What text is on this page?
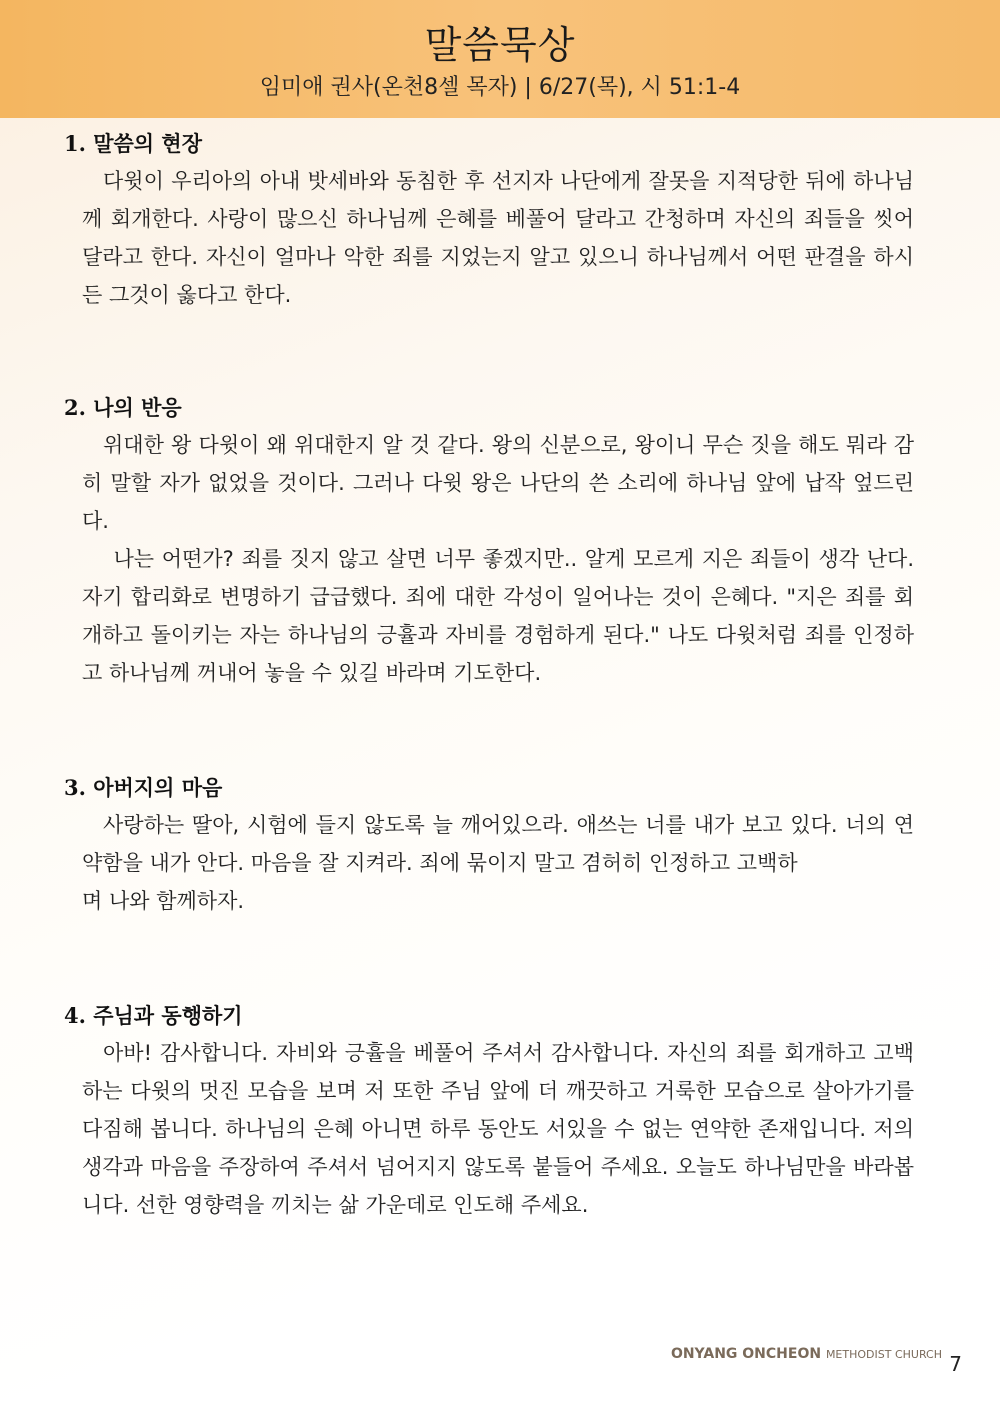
말씀묵상
임미애 권사(온천8셀 목자) | 6/27(목), 시 51:1-4
1. 말씀의 현장

다윗이 우리아의 아내 밧세바와 동침한 후 선지자 나단에게 잘못을 지적당한 뒤에 하나님께 회개한다. 사랑이 많으신 하나님께 은혜를 베풀어 달라고 간청하며 자신의 죄들을 씻어 달라고 한다. 자신이 얼마나 악한 죄를 지었는지 알고 있으니 하나님께서 어떤 판결을 하시든 그것이 옳다고 한다.

2. 나의 반응

위대한 왕 다윗이 왜 위대한지 알 것 같다. 왕의 신분으로, 왕이니 무슨 짓을 해도 뭐라 감히 말할 자가 없었을 것이다. 그러나 다윗 왕은 나단의 쓴 소리에 하나님 앞에 납작 엎드린다.

나는 어떤가? 죄를 짓지 않고 살면 너무 좋겠지만.. 알게 모르게 지은 죄들이 생각 난다. 자기 합리화로 변명하기 급급했다. 죄에 대한 각성이 일어나는 것이 은혜다. "지은 죄를 회개하고 돌이키는 자는 하나님의 긍휼과 자비를 경험하게 된다." 나도 다윗처럼 죄를 인정하고 하나님께 꺼내어 놓을 수 있길 바라며 기도한다.

3. 아버지의 마음

사랑하는 딸아, 시험에 들지 않도록 늘 깨어있으라. 애쓰는 너를 내가 보고 있다. 너의 연약함을 내가 안다. 마음을 잘 지켜라. 죄에 묶이지 말고 겸허히 인정하고 고백하

며 나와 함께하자.

4. 주님과 동행하기

아바! 감사합니다. 자비와 긍휼을 베풀어 주셔서 감사합니다. 자신의 죄를 회개하고 고백하는 다윗의 멋진 모습을 보며 저 또한 주님 앞에 더 깨끗하고 거룩한 모습으로 살아가기를 다짐해 봅니다. 하나님의 은혜 아니면 하루 동안도 서있을 수 없는 연약한 존재입니다. 저의 생각과 마음을 주장하여 주셔서 넘어지지 않도록 붙들어 주세요. 오늘도 하나님만을 바라봅니다. 선한 영향력을 끼치는 삶 가운데로 인도해 주세요.

ONYANG ONCHEON METHODIST CHURCH 7
